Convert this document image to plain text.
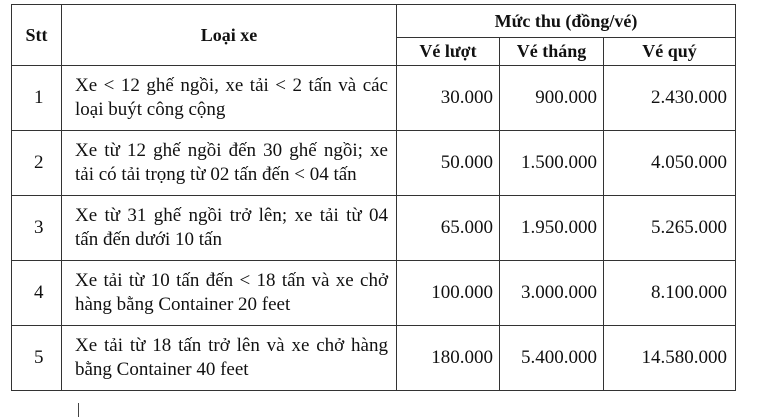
Stt	Loại xe	Mức thu (đồng/vé)		
		Vé lượt	Vé tháng	Vé quý
1	Xe < 12 ghế ngồi, xe tải < 2 tấn và các loại buýt công cộng	30.000	900.000	2.430.000
2	Xe từ 12 ghế ngồi đến 30 ghế ngồi; xe tải có tải trọng từ 02 tấn đến < 04 tấn	50.000	1.500.000	4.050.000
3	Xe từ 31 ghế ngồi trở lên; xe tải từ 04 tấn đến dưới 10 tấn	65.000	1.950.000	5.265.000
4	Xe tải từ 10 tấn đến < 18 tấn và xe chở hàng bằng Container 20 feet	100.000	3.000.000	8.100.000
5	Xe tải từ 18 tấn trở lên và xe chở hàng bằng Container 40 feet	180.000	5.400.000	14.580.000
